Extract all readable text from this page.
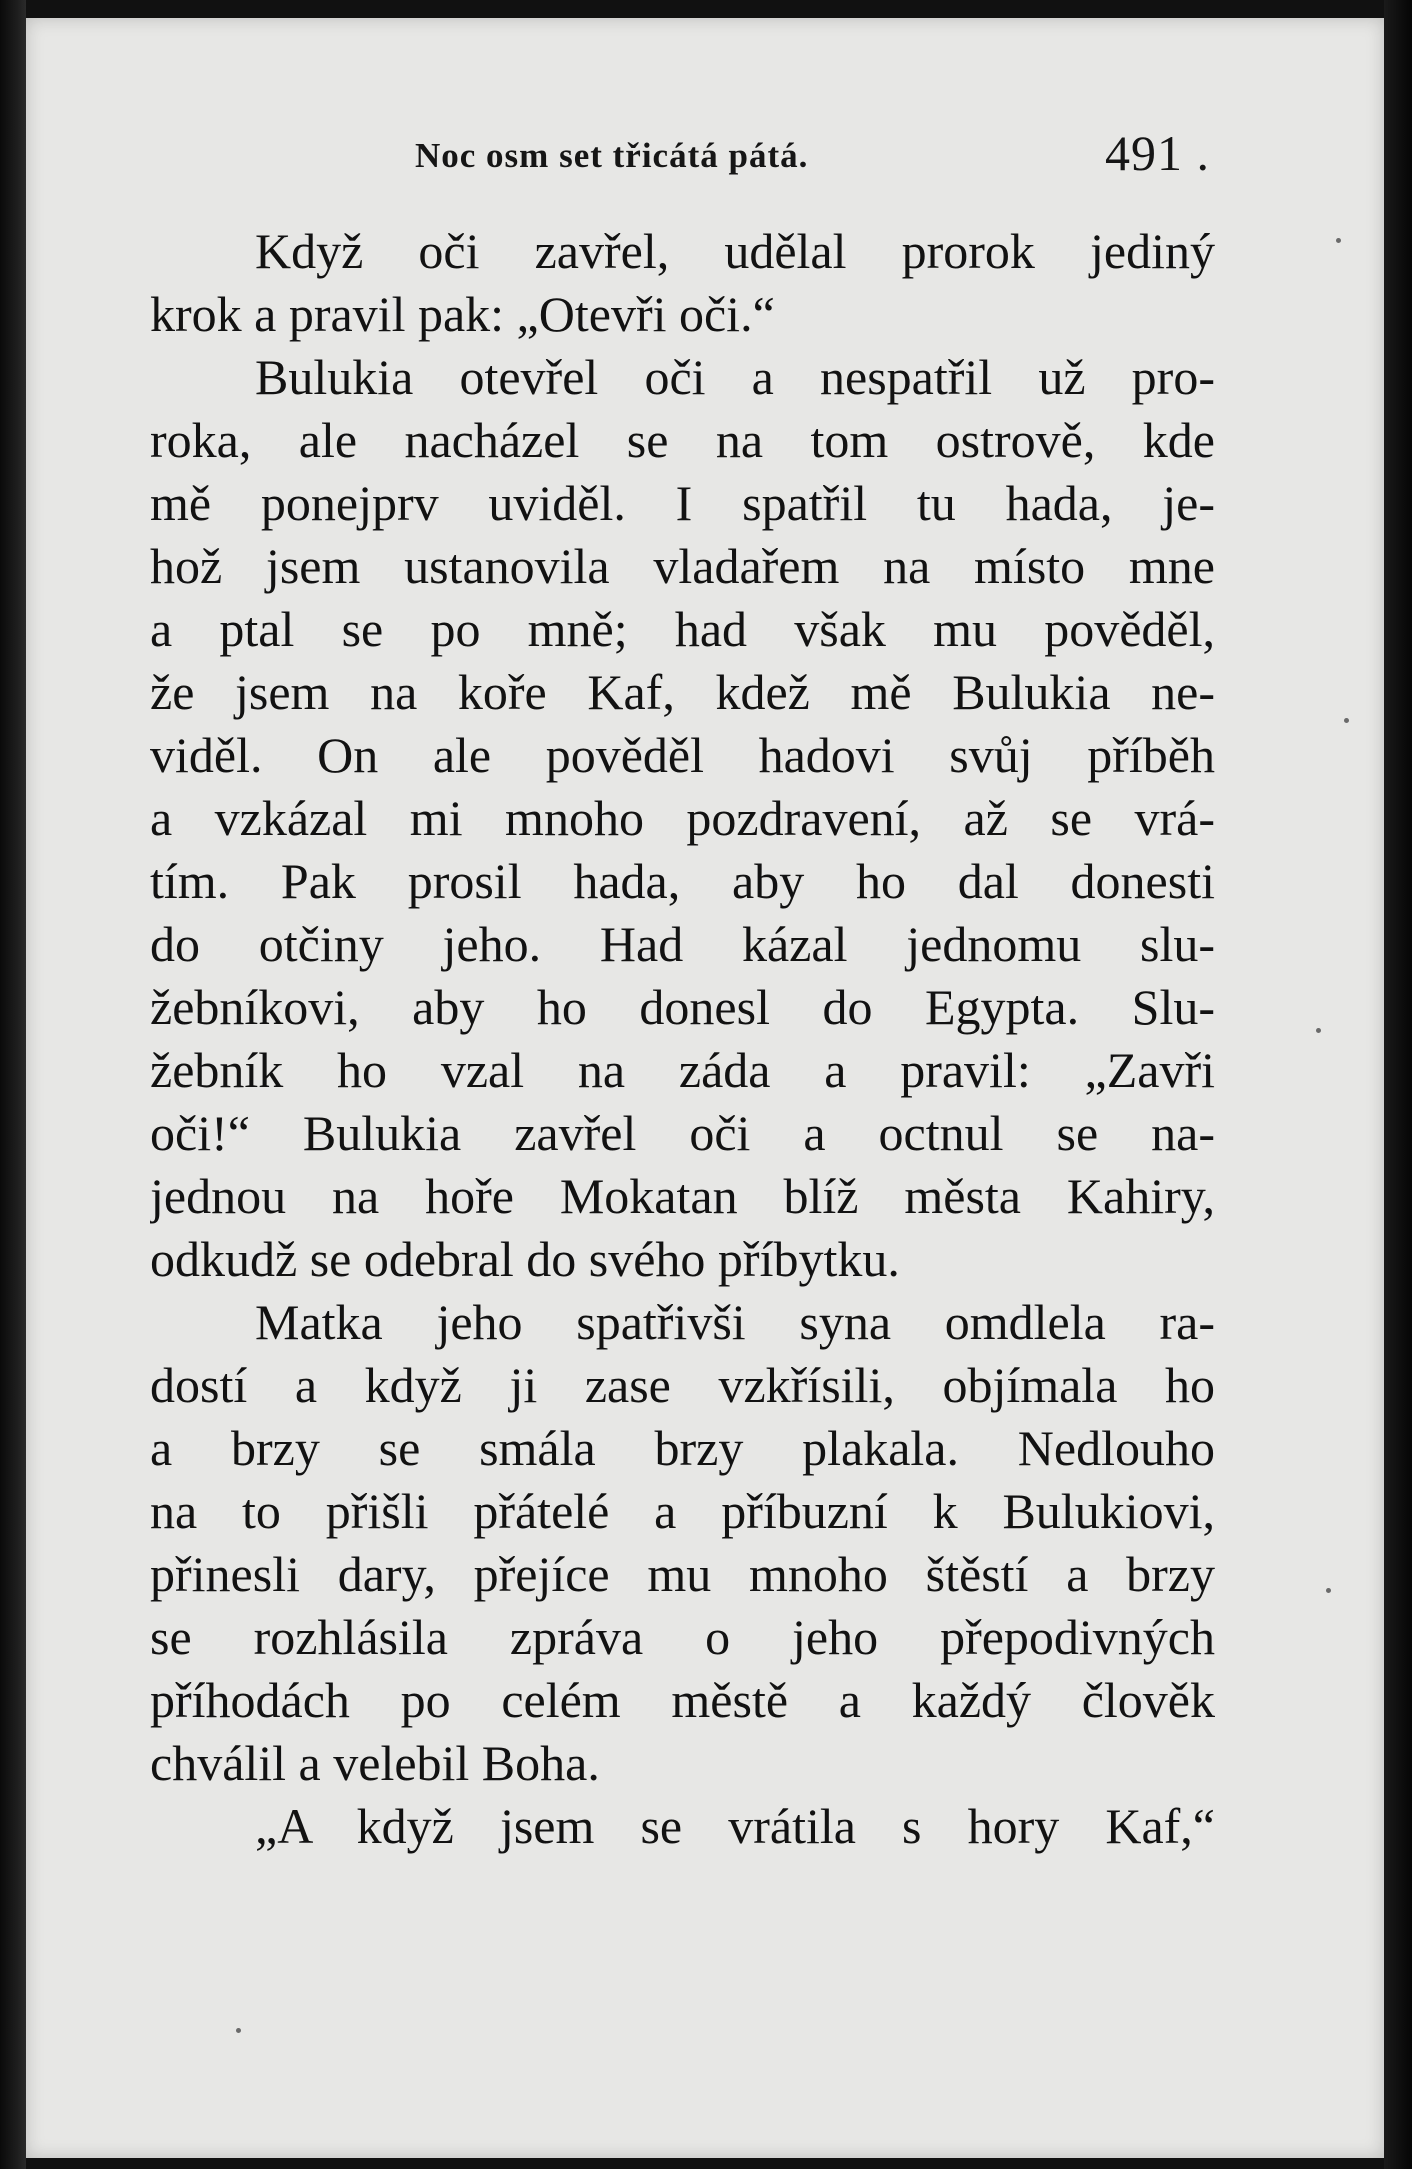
Noc osm set třicátá pátá.	491 .
Když oči zavřel, udělal prorok jediný
krok a pravil pak: „Otevři oči.“
Bulukia otevřel oči a nespatřil už pro-
roka, ale nacházel se na tom ostrově, kde
mě ponejprv uviděl. I spatřil tu hada, je-
hož jsem ustanovila vladařem na místo mne
a ptal se po mně; had však mu pověděl,
že jsem na koře Kaf, kdež mě Bulukia ne-
viděl. On ale pověděl hadovi svůj příběh
a vzkázal mi mnoho pozdravení, až se vrá-
tím. Pak prosil hada, aby ho dal donesti
do otčiny jeho. Had kázal jednomu slu-
žebníkovi, aby ho donesl do Egypta. Slu-
žebník ho vzal na záda a pravil: „Zavři
oči!“ Bulukia zavřel oči a octnul se na-
jednou na hoře Mokatan blíž města Kahiry,
odkudž se odebral do svého příbytku.
Matka jeho spatřivši syna omdlela ra-
dostí a když ji zase vzkřísili, objímala ho
a brzy se smála brzy plakala. Nedlouho
na to přišli přátelé a příbuzní k Bulukiovi,
přinesli dary, přejíce mu mnoho štěstí a brzy
se rozhlásila zpráva o jeho přepodivných
příhodách po celém městě a každý člověk
chválil a velebil Boha.
„A když jsem se vrátila s hory Kaf,“
